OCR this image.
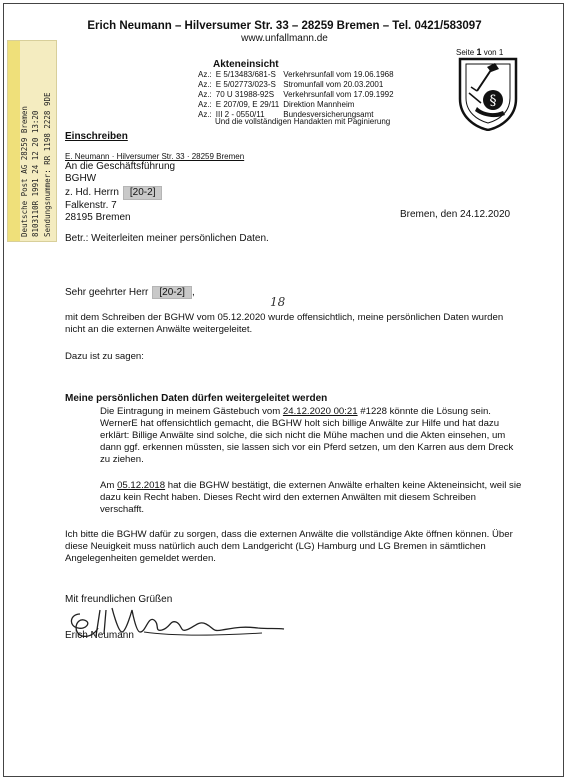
Erich Neumann – Hilversumer Str. 33 – 28259 Bremen – Tel. 0421/583097
www.unfallmann.de
Seite 1 von 1
§
Akteneinsicht
Az.:	E 5/13483/681-S	Verkehrsunfall vom 19.06.1968
Az.:	E 5/02773/023-S	Stromunfall vom 20.03.2001
Az.:	70 U 31988-92S	Verkehrsunfall vom 17.09.1992
Az.:	E 207/09, E 29/11	Direktion Mannheim
Az.:	III 2 - 0550/11	Bundesversicherungsamt
Und die vollständigen Handakten mit Paginierung
Deutsche Post AG 28259 Bremen 8103110R 1991 24 12 20 13:20 Sendungsnummer: RR 1198 2228 9DE Einschreiben
E. Neumann · Hilversumer Str. 33 · 28259 Bremen
An die Geschäftsführung
BGHW
z. Hd. Herrn [20-2]
Falkenstr. 7
28195 Bremen	Bremen, den 24.12.2020
Betr.: Weiterleiten meiner persönlichen Daten.
Sehr geehrter Herr [20-2] ,
18
mit dem Schreiben der BGHW vom 05.12.2020 wurde offensichtlich, meine persönlichen Daten wurden nicht an die externen Anwälte weitergeleitet.
Dazu ist zu sagen:
Meine persönlichen Daten dürfen weitergeleitet werden
Die Eintragung in meinem Gästebuch vom 24.12.2020 00:21 #1228 könnte die Lösung sein. WernerE hat offensichtlich gemacht, die BGHW holt sich billige Anwälte zur Hilfe und hat dazu erklärt: Billige Anwälte sind solche, die sich nicht die Mühe machen und die Akten einsehen, um dann ggf. erkennen müssten, sie lassen sich vor ein Pferd setzen, um den Karren aus dem Dreck zu ziehen.
Am 05.12.2018 hat die BGHW bestätigt, die externen Anwälte erhalten keine Akteneinsicht, weil sie dazu kein Recht haben. Dieses Recht wird den externen Anwälten mit diesem Schreiben verschafft.
Ich bitte die BGHW dafür zu sorgen, dass die externen Anwälte die vollständige Akte öffnen können. Über diese Neuigkeit muss natürlich auch dem Landgericht (LG) Hamburg und LG Bremen in sämtlichen Angelegenheiten gemeldet werden.
Mit freundlichen Grüßen
Erich Neumann
